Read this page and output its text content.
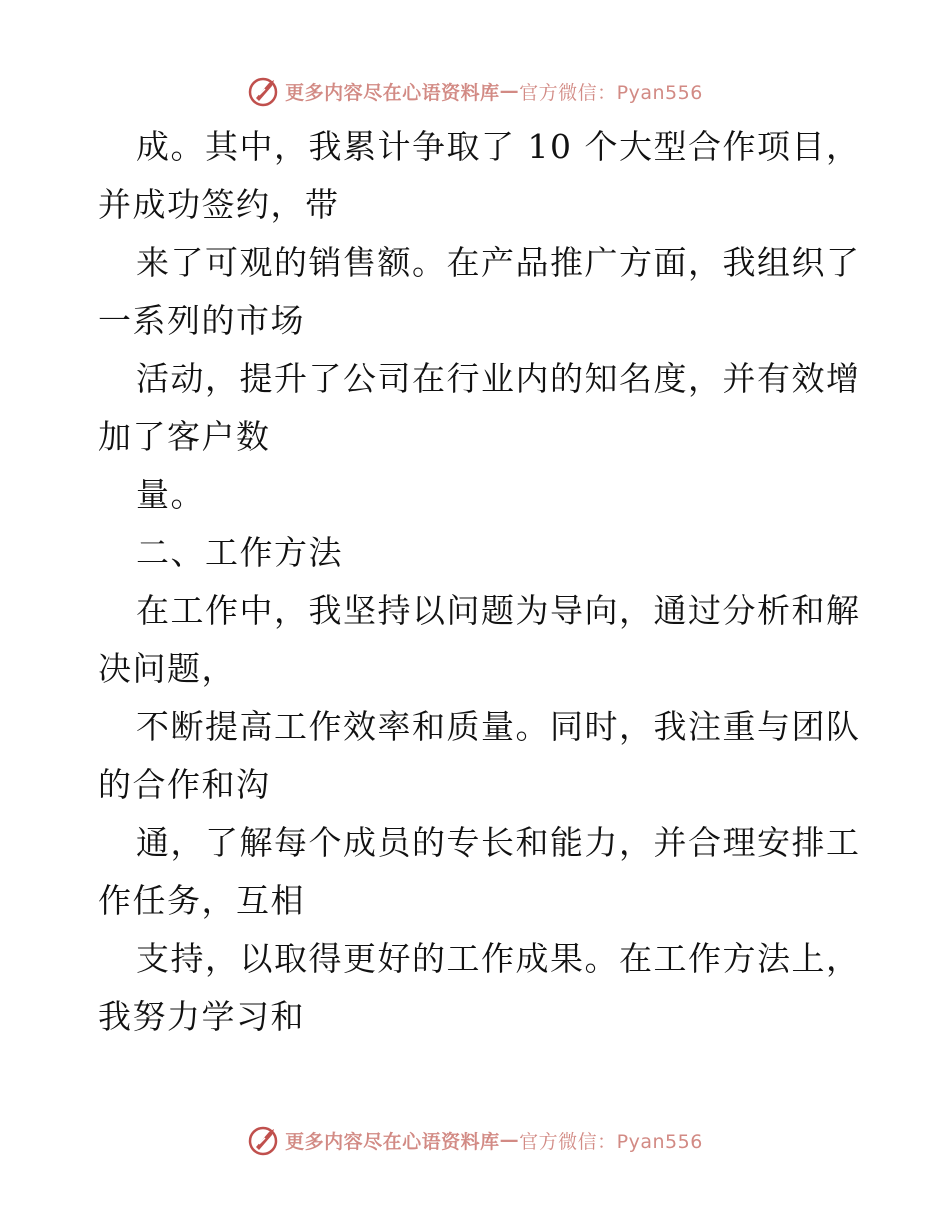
更多内容尽在心语资料库 — 官方微信：Pyan556
成。其中，我累计争取了 10 个大型合作项目，
并成功签约，带
来了可观的销售额。在产品推广方面，我组织了
一系列的市场
活动，提升了公司在行业内的知名度，并有效增
加了客户数
量。
二、工作方法
在工作中，我坚持以问题为导向，通过分析和解
决问题，
不断提高工作效率和质量。同时，我注重与团队
的合作和沟
通，了解每个成员的专长和能力，并合理安排工
作任务，互相
支持，以取得更好的工作成果。在工作方法上，
我努力学习和
更多内容尽在心语资料库 — 官方微信：Pyan556
